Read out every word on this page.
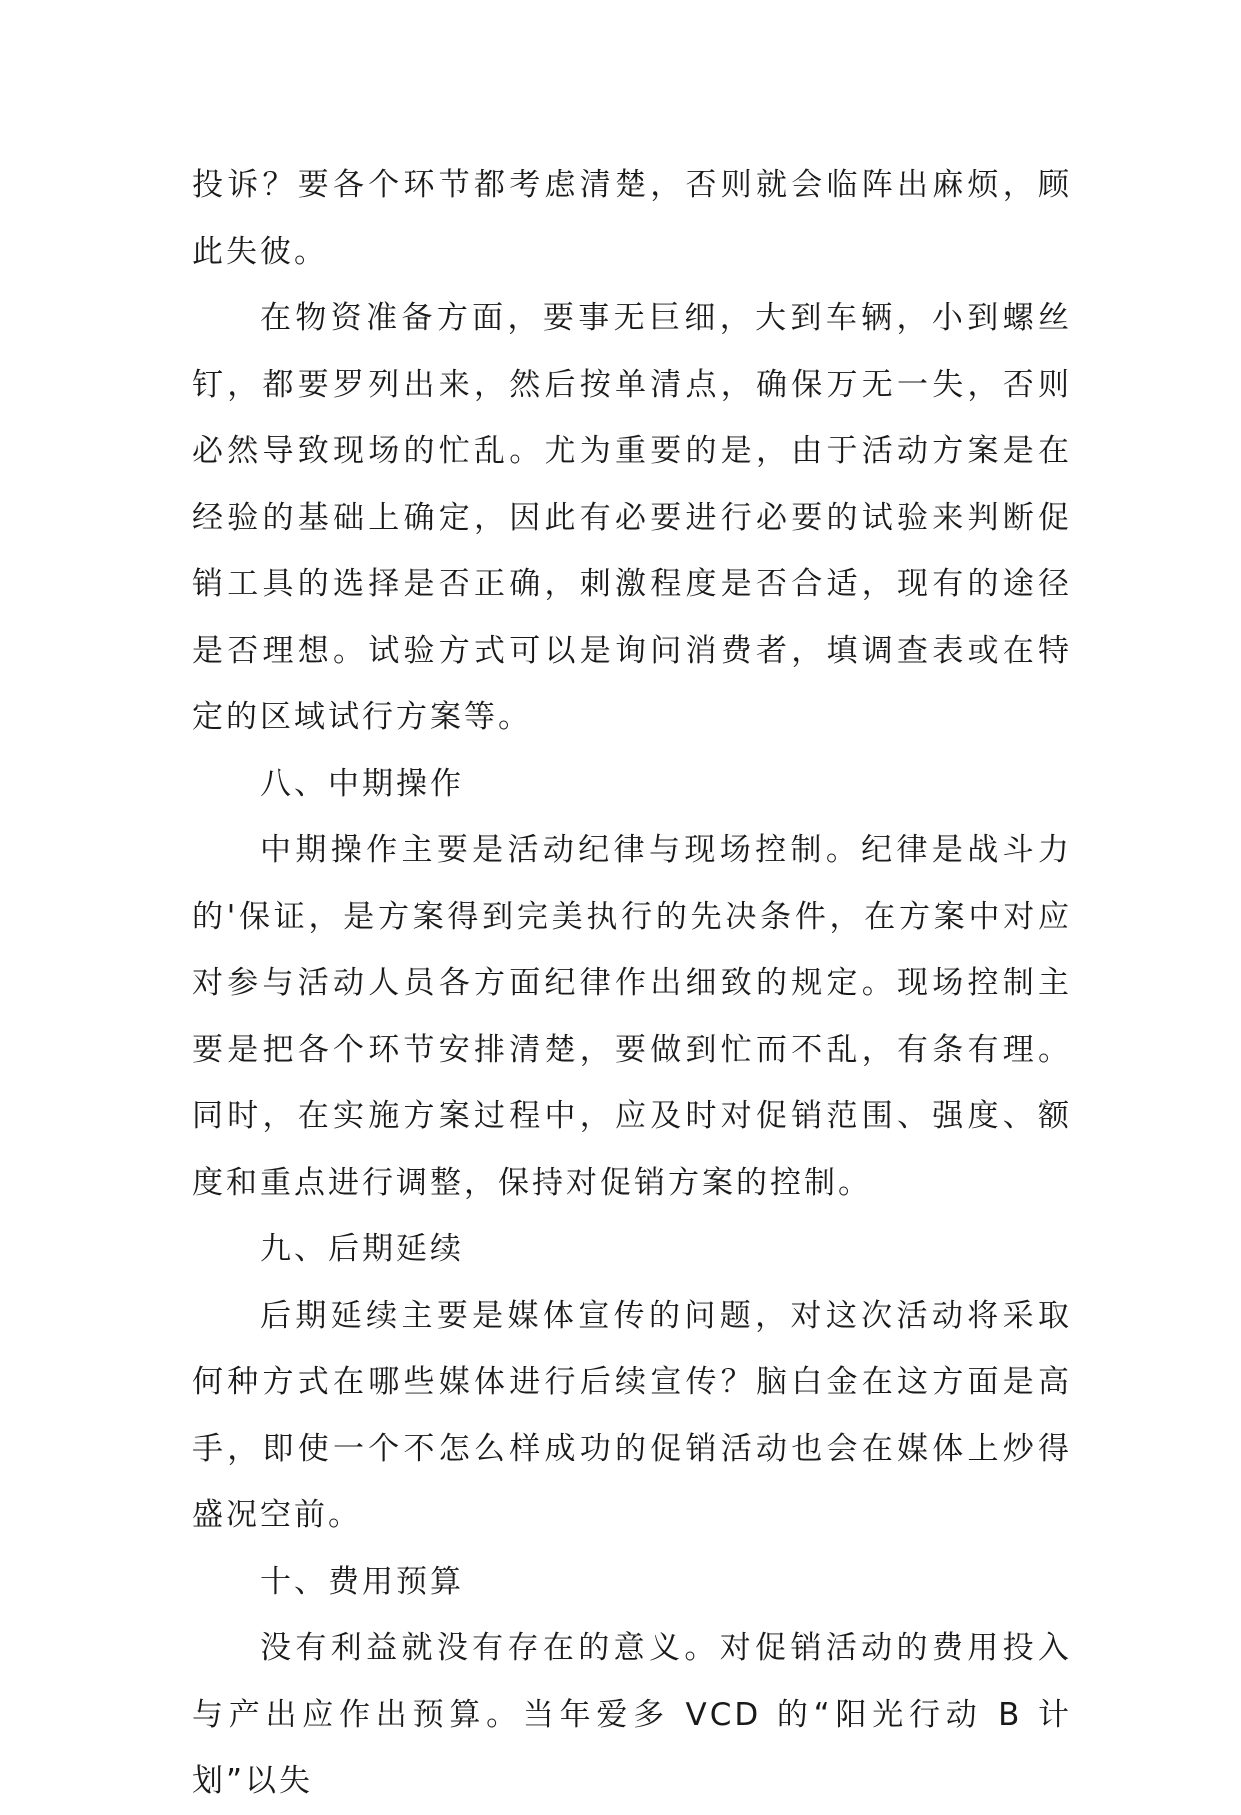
投诉？要各个环节都考虑清楚，否则就会临阵出麻烦，顾此失彼。

在物资准备方面，要事无巨细，大到车辆，小到螺丝钉，都要罗列出来，然后按单清点，确保万无一失，否则必然导致现场的忙乱。尤为重要的是，由于活动方案是在经验的基础上确定，因此有必要进行必要的试验来判断促销工具的选择是否正确，刺激程度是否合适，现有的途径是否理想。试验方式可以是询问消费者，填调查表或在特定的区域试行方案等。

八、中期操作

中期操作主要是活动纪律与现场控制。纪律是战斗力的'保证，是方案得到完美执行的先决条件，在方案中对应对参与活动人员各方面纪律作出细致的规定。现场控制主要是把各个环节安排清楚，要做到忙而不乱，有条有理。同时，在实施方案过程中，应及时对促销范围、强度、额度和重点进行调整，保持对促销方案的控制。

九、后期延续

后期延续主要是媒体宣传的问题，对这次活动将采取何种方式在哪些媒体进行后续宣传？脑白金在这方面是高手，即使一个不怎么样成功的促销活动也会在媒体上炒得盛况空前。

十、费用预算

没有利益就没有存在的意义。对促销活动的费用投入与产出应作出预算。当年爱多 VCD 的“阳光行动 B 计划”以失
